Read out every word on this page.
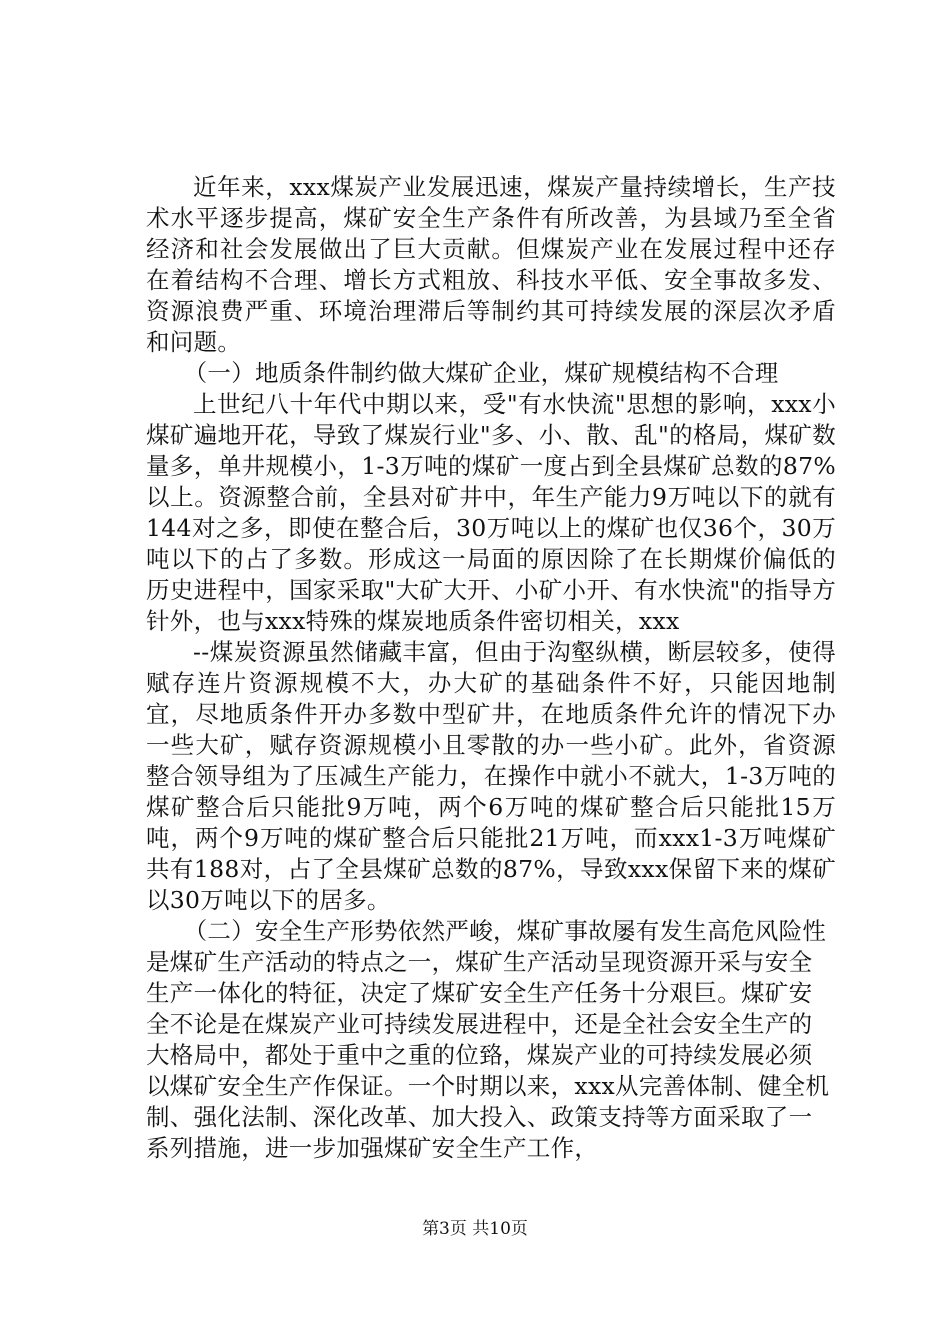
近年来，xxx煤炭产业发展迅速，煤炭产量持续增长，生产技术水平逐步提高，煤矿安全生产条件有所改善，为县域乃至全省经济和社会发展做出了巨大贡献。但煤炭产业在发展过程中还存在着结构不合理、增长方式粗放、科技水平低、安全事故多发、资源浪费严重、环境治理滞后等制约其可持续发展的深层次矛盾和问题。

（一）地质条件制约做大煤矿企业，煤矿规模结构不合理

上世纪八十年代中期以来，受"有水快流"思想的影响，xxx小煤矿遍地开花，导致了煤炭行业"多、小、散、乱"的格局，煤矿数量多，单井规模小，1-3万吨的煤矿一度占到全县煤矿总数的87%以上。资源整合前，全县对矿井中，年生产能力9万吨以下的就有144对之多，即使在整合后，30万吨以上的煤矿也仅36个，30万吨以下的占了多数。形成这一局面的原因除了在长期煤价偏低的历史进程中，国家采取"大矿大开、小矿小开、有水快流"的指导方针外，也与xxx特殊的煤炭地质条件密切相关，xxx

--煤炭资源虽然储藏丰富，但由于沟壑纵横，断层较多，使得赋存连片资源规模不大，办大矿的基础条件不好，只能因地制宜，尽地质条件开办多数中型矿井，在地质条件允许的情况下办一些大矿，赋存资源规模小且零散的办一些小矿。此外，省资源整合领导组为了压减生产能力，在操作中就小不就大，1-3万吨的煤矿整合后只能批9万吨，两个6万吨的煤矿整合后只能批15万吨，两个9万吨的煤矿整合后只能批21万吨，而xxx1-3万吨煤矿共有188对，占了全县煤矿总数的87%，导致xxx保留下来的煤矿以30万吨以下的居多。

（二）安全生产形势依然严峻，煤矿事故屡有发生高危风险性是煤矿生产活动的特点之一，煤矿生产活动呈现资源开采与安全生产一体化的特征，决定了煤矿安全生产任务十分艰巨。煤矿安全不论是在煤炭产业可持续发展进程中，还是全社会安全生产的大格局中，都处于重中之重的位臵，煤炭产业的可持续发展必须以煤矿安全生产作保证。一个时期以来，xxx从完善体制、健全机制、强化法制、深化改革、加大投入、政策支持等方面采取了一系列措施，进一步加强煤矿安全生产工作，

第3页 共10页
